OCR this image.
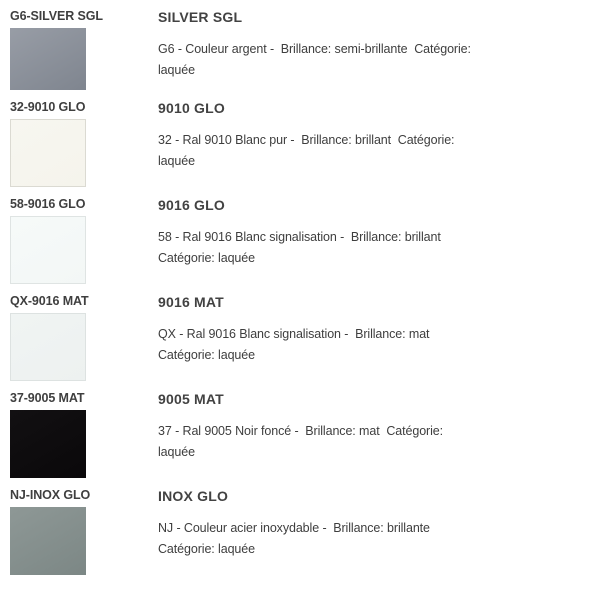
G6-SILVER SGL	SILVER SGL
G6 - Couleur argent -  Brillance: semi-brillante  Catégorie:
laquée
32-9010 GLO	9010 GLO
32 - Ral 9010 Blanc pur -  Brillance: brillant  Catégorie:
laquée
58-9016 GLO	9016 GLO
58 - Ral 9016 Blanc signalisation -  Brillance: brillant
Catégorie: laquée
QX-9016 MAT	9016 MAT
QX - Ral 9016 Blanc signalisation -  Brillance: mat
Catégorie: laquée
37-9005 MAT	9005 MAT
37 - Ral 9005 Noir foncé -  Brillance: mat  Catégorie:
laquée
NJ-INOX GLO	INOX GLO
NJ - Couleur acier inoxydable -  Brillance: brillante
Catégorie: laquée
